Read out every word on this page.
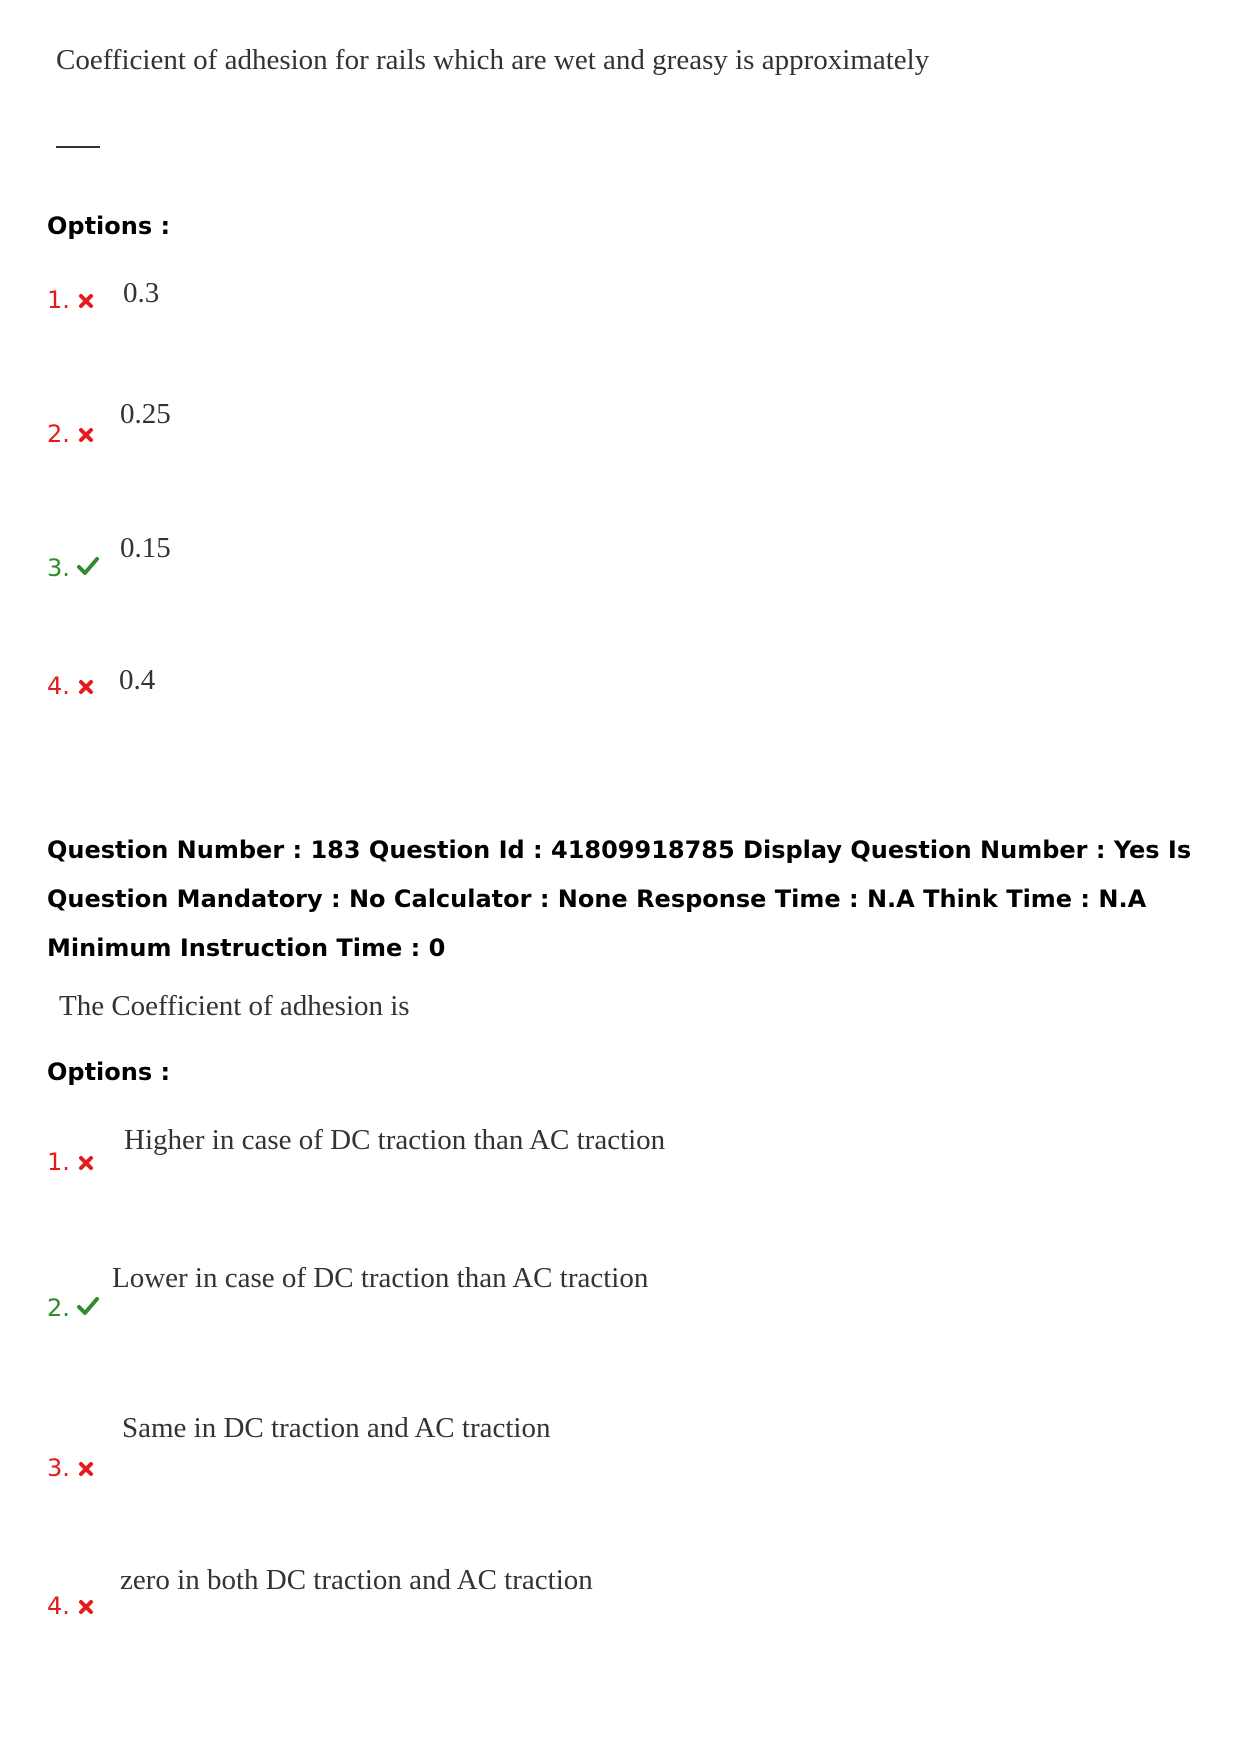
Coefficient of adhesion for rails which are wet and greasy is approximately
Options :
1. 0.3
2.
0.25
3.
0.15
4. 0.4
Question Number : 183 Question Id : 41809918785 Display Question Number : Yes Is Question Mandatory : No Calculator : None Response Time : N.A Think Time : N.A Minimum Instruction Time : 0
The Coefficient of adhesion is
Options :
1.
Higher in case of DC traction than AC traction
2.
Lower in case of DC traction than AC traction
3.
Same in DC traction and AC traction
4.
zero in both DC traction and AC traction
